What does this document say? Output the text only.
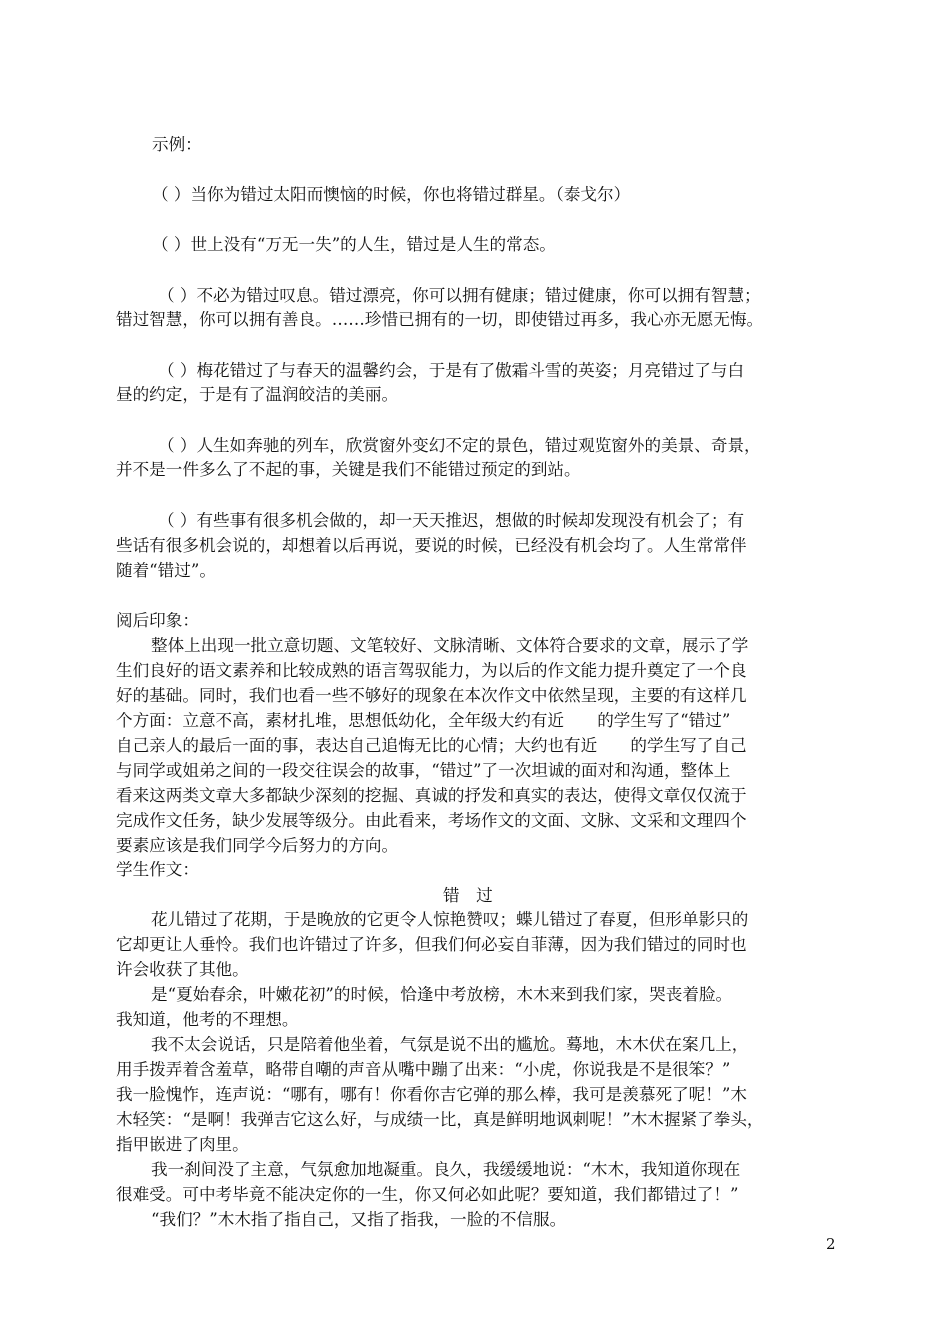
示例：
（ ）当你为错过太阳而懊恼的时候，你也将错过群星。（泰戈尔）
（ ）世上没有“万无一失”的人生，错过是人生的常态。
（ ）不必为错过叹息。错过漂亮，你可以拥有健康；错过健康，你可以拥有智慧；
错过智慧，你可以拥有善良。……珍惜已拥有的一切，即使错过再多，我心亦无愿无悔。
（ ）梅花错过了与春天的温馨约会，于是有了傲霜斗雪的英姿；月亮错过了与白
昼的约定，于是有了温润皎洁的美丽。
（ ）人生如奔驰的列车，欣赏窗外变幻不定的景色，错过观览窗外的美景、奇景，
并不是一件多么了不起的事，关键是我们不能错过预定的到站。
（ ）有些事有很多机会做的，却一天天推迟，想做的时候却发现没有机会了；有
些话有很多机会说的，却想着以后再说，要说的时候，已经没有机会均了。人生常常伴
随着“错过”。
阅后印象：
整体上出现一批立意切题、文笔较好、文脉清晰、文体符合要求的文章，展示了学
生们良好的语文素养和比较成熟的语言驾驭能力，为以后的作文能力提升奠定了一个良
好的基础。同时，我们也看一些不够好的现象在本次作文中依然呈现，主要的有这样几
个方面：立意不高，素材扎堆，思想低幼化，全年级大约有近　　的学生写了“错过”
自己亲人的最后一面的事，表达自己追悔无比的心情；大约也有近　　的学生写了自己
与同学或姐弟之间的一段交往误会的故事，“错过”了一次坦诚的面对和沟通，整体上
看来这两类文章大多都缺少深刻的挖掘、真诚的抒发和真实的表达，使得文章仅仅流于
完成作文任务，缺少发展等级分。由此看来，考场作文的文面、文脉、文采和文理四个
要素应该是我们同学今后努力的方向。
学生作文：
错　过
花儿错过了花期，于是晚放的它更令人惊艳赞叹；蝶儿错过了春夏，但形单影只的
它却更让人垂怜。我们也许错过了许多，但我们何必妄自菲薄，因为我们错过的同时也
许会收获了其他。
是“夏始春余，叶嫩花初”的时候，恰逢中考放榜，木木来到我们家，哭丧着脸。
我知道，他考的不理想。
我不太会说话，只是陪着他坐着，气氛是说不出的尴尬。蓦地，木木伏在案几上，
用手拨弄着含羞草，略带自嘲的声音从嘴中蹦了出来：“小虎，你说我是不是很笨？”
我一脸愧怍，连声说：“哪有，哪有！你看你吉它弹的那么棒，我可是羡慕死了呢！”木
木轻笑：“是啊！我弹吉它这么好，与成绩一比，真是鲜明地讽刺呢！”木木握紧了拳头，
指甲嵌进了肉里。
我一刹间没了主意，气氛愈加地凝重。良久，我缓缓地说：“木木，我知道你现在
很难受。可中考毕竟不能决定你的一生，你又何必如此呢？要知道，我们都错过了！”
“我们？”木木指了指自己，又指了指我，一脸的不信服。
2
